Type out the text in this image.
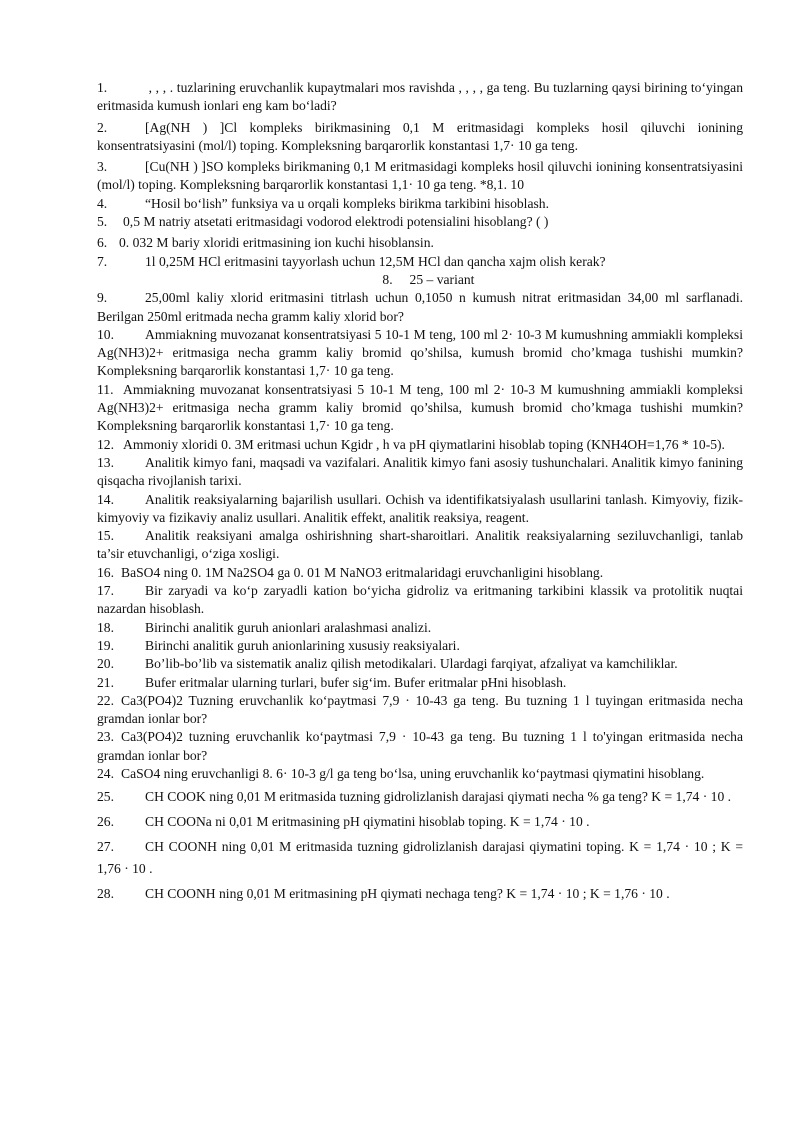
1.	, , , . tuzlarining eruvchanlik kupaytmalari mos ravishda , , , , ga teng. Bu tuzlarning qaysi birining to‘yingan eritmasida kumush ionlari eng kam bo‘ladi?

2.	[Ag(NH ) ]Cl kompleks birikmasining 0,1 M eritmasidagi kompleks hosil qiluvchi ionining konsentratsiyasini (mol/l) toping. Kompleksning barqarorlik konstantasi 1,7· 10 ga teng.

3.	[Cu(NH ) ]SO kompleks birikmaning 0,1 M eritmasidagi kompleks hosil qiluvchi ionining konsentratsiyasini (mol/l) toping. Kompleksning barqarorlik konstantasi 1,1· 10 ga teng. *8,1. 10

4.	“Hosil bo‘lish” funksiya va u orqali kompleks birikma tarkibini hisoblash.

5. 0,5 M natriy atsetati eritmasidagi vodorod elektrodi potensialini hisoblang? ( )

6. 0. 032 M bariy xloridi eritmasining ion kuchi hisoblansin.

7.	1l 0,25M HCl eritmasini tayyorlash uchun 12,5M HCl dan qancha xajm olish kerak?

8. 25 – variant

9.	25,00ml kaliy xlorid eritmasini titrlash uchun 0,1050 n kumush nitrat eritmasidan 34,00 ml sarflanadi. Berilgan 250ml eritmada necha gramm kaliy xlorid bor?

10. Ammiakning muvozanat konsentratsiyasi 5 10-1 M teng, 100 ml 2· 10-3 M kumushning ammiakli kompleksi Ag(NH3)2+ eritmasiga necha gramm kaliy bromid qo’shilsa, kumush bromid cho’kmaga tushishi mumkin? Kompleksning barqarorlik konstantasi 1,7· 10 ga teng.

11. Ammiakning muvozanat konsentratsiyasi 5 10-1 M teng, 100 ml 2· 10-3 M kumushning ammiakli kompleksi Ag(NH3)2+ eritmasiga necha gramm kaliy bromid qo’shilsa, kumush bromid cho’kmaga tushishi mumkin? Kompleksning barqarorlik konstantasi 1,7· 10 ga teng.

12. Ammoniy xloridi 0. 3M eritmasi uchun Kgidr , h va pH qiymatlarini hisoblab toping (KNH4OH=1,76 * 10-5).

13. Analitik kimyo fani, maqsadi va vazifalari. Analitik kimyo fani asosiy tushunchalari. Analitik kimyo fanining qisqacha rivojlanish tarixi.

14. Analitik reaksiyalarning bajarilish usullari. Ochish va identifikatsiyalash usullarini tanlash. Kimyoviy, fizik-kimyoviy va fizikaviy analiz usullari. Analitik effekt, analitik reaksiya, reagent.

15. Analitik reaksiyani amalga oshirishning shart-sharoitlari. Analitik reaksiyalarning seziluvchanligi, tanlab ta’sir etuvchanligi, o‘ziga xosligi.

16. BaSO4 ning 0. 1M Na2SO4 ga 0. 01 M NaNO3 eritmalaridagi eruvchanligini hisoblang.

17. Bir zaryadi va ko‘p zaryadli kation bo‘yicha gidroliz va eritmaning tarkibini klassik va protolitik nuqtai nazardan hisoblash.

18. Birinchi analitik guruh anionlari aralashmasi analizi.

19. Birinchi analitik guruh anionlarining xususiy reaksiyalari.

20. Bo’lib-bo’lib va sistematik analiz qilish metodikalari. Ulardagi farqiyat, afzaliyat va kamchiliklar.

21. Bufer eritmalar ularning turlari, bufer sig‘im. Bufer eritmalar pHni hisoblash.

22. Ca3(PO4)2 Tuzning eruvchanlik ko‘paytmasi 7,9 · 10-43 ga teng. Bu tuzning 1 l tuyingan eritmasida necha gramdan ionlar bor?

23. Ca3(PO4)2 tuzning eruvchanlik ko‘paytmasi 7,9 · 10-43 ga teng. Bu tuzning 1 l to'yingan eritmasida necha gramdan ionlar bor?

24. CaSO4 ning eruvchanligi 8. 6· 10-3 g/l ga teng bo‘lsa, uning eruvchanlik ko‘paytmasi qiymatini hisoblang.

25. CH COOK ning 0,01 M eritmasida tuzning gidrolizlanish darajasi qiymati necha % ga teng? K = 1,74 · 10 .

26. CH COONa ni 0,01 M eritmasining pH qiymatini hisoblab toping. K = 1,74 · 10 .

27. CH COONH ning 0,01 M eritmasida tuzning gidrolizlanish darajasi qiymatini toping. K = 1,74 · 10 ; K = 1,76 · 10 .

28. CH COONH ning 0,01 M eritmasining pH qiymati nechaga teng? K = 1,74 · 10 ; K = 1,76 · 10 .
